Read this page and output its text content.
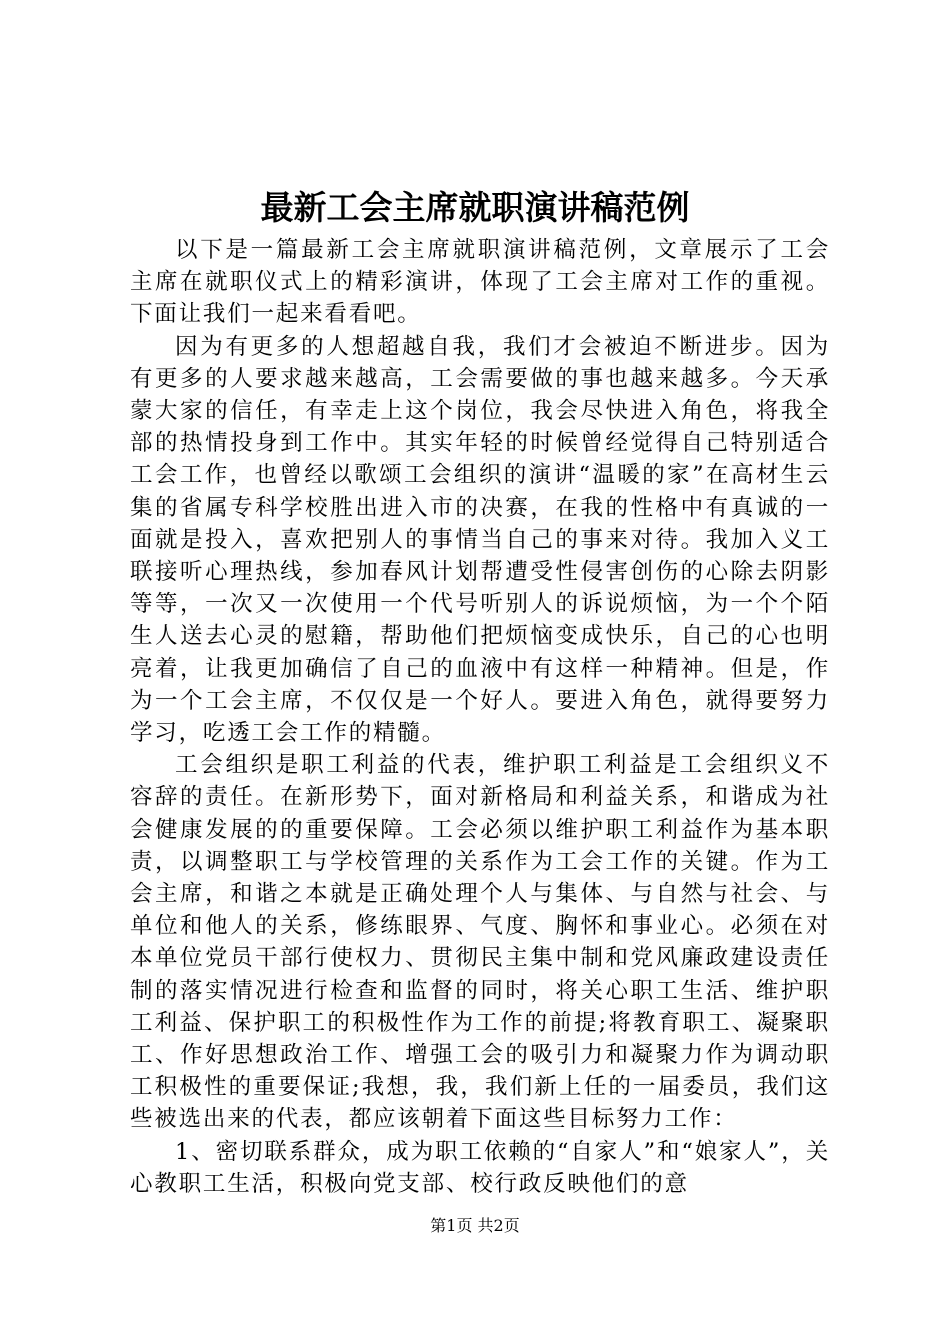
最新工会主席就职演讲稿范例

以下是一篇最新工会主席就职演讲稿范例，文章展示了工会主席在就职仪式上的精彩演讲，体现了工会主席对工作的重视。下面让我们一起来看看吧。

因为有更多的人想超越自我，我们才会被迫不断进步。因为有更多的人要求越来越高，工会需要做的事也越来越多。今天承蒙大家的信任，有幸走上这个岗位，我会尽快进入角色，将我全部的热情投身到工作中。其实年轻的时候曾经觉得自己特别适合工会工作，也曾经以歌颂工会组织的演讲“温暖的家”在高材生云集的省属专科学校胜出进入市的决赛，在我的性格中有真诚的一面就是投入，喜欢把别人的事情当自己的事来对待。我加入义工联接听心理热线，参加春风计划帮遭受性侵害创伤的心除去阴影等等，一次又一次使用一个代号听别人的诉说烦恼，为一个个陌生人送去心灵的慰籍，帮助他们把烦恼变成快乐，自己的心也明亮着，让我更加确信了自己的血液中有这样一种精神。但是，作为一个工会主席，不仅仅是一个好人。要进入角色，就得要努力学习，吃透工会工作的精髓。

工会组织是职工利益的代表，维护职工利益是工会组织义不容辞的责任。在新形势下，面对新格局和利益关系，和谐成为社会健康发展的的重要保障。工会必须以维护职工利益作为基本职责，以调整职工与学校管理的关系作为工会工作的关键。作为工会主席，和谐之本就是正确处理个人与集体、与自然与社会、与单位和他人的关系，修练眼界、气度、胸怀和事业心。必须在对本单位党员干部行使权力、贯彻民主集中制和党风廉政建设责任制的落实情况进行检查和监督的同时，将关心职工生活、维护职工利益、保护职工的积极性作为工作的前提;将教育职工、凝聚职工、作好思想政治工作、增强工会的吸引力和凝聚力作为调动职工积极性的重要保证;我想，我，我们新上任的一届委员，我们这些被选出来的代表，都应该朝着下面这些目标努力工作：

1、密切联系群众，成为职工依赖的“自家人”和“娘家人”，关心教职工生活，积极向党支部、校行政反映他们的意

第1页 共2页
